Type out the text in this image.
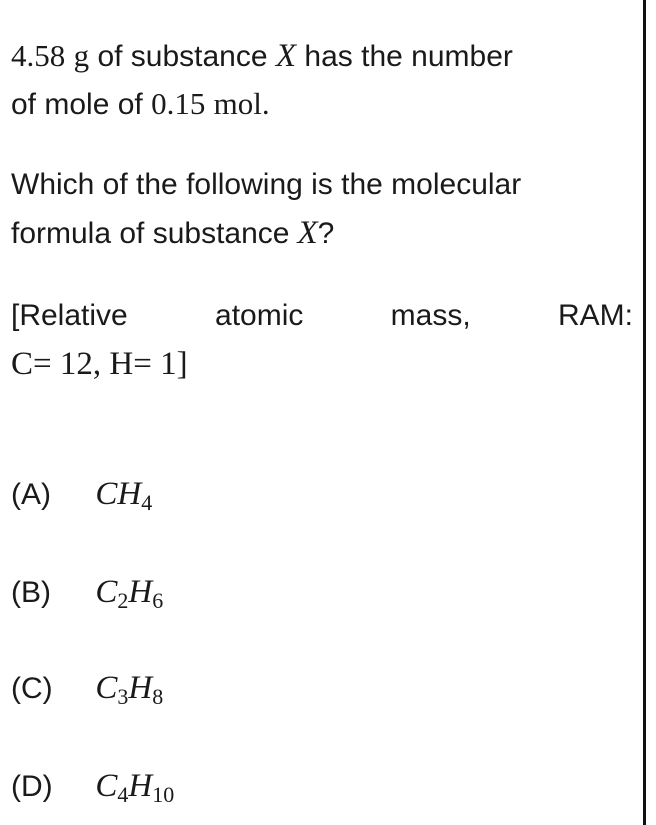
4.58 g of substance X has the number
of mole of 0.15 mol.
Which of the following is the molecular
formula of substance X?
[Relative	atomic	mass,	RAM:
C= 12, H= 1]
(A) $CH_4$
(B) $C_2H_6$
(C) $C_3H_8$
(D) $C_4H_{10}$
